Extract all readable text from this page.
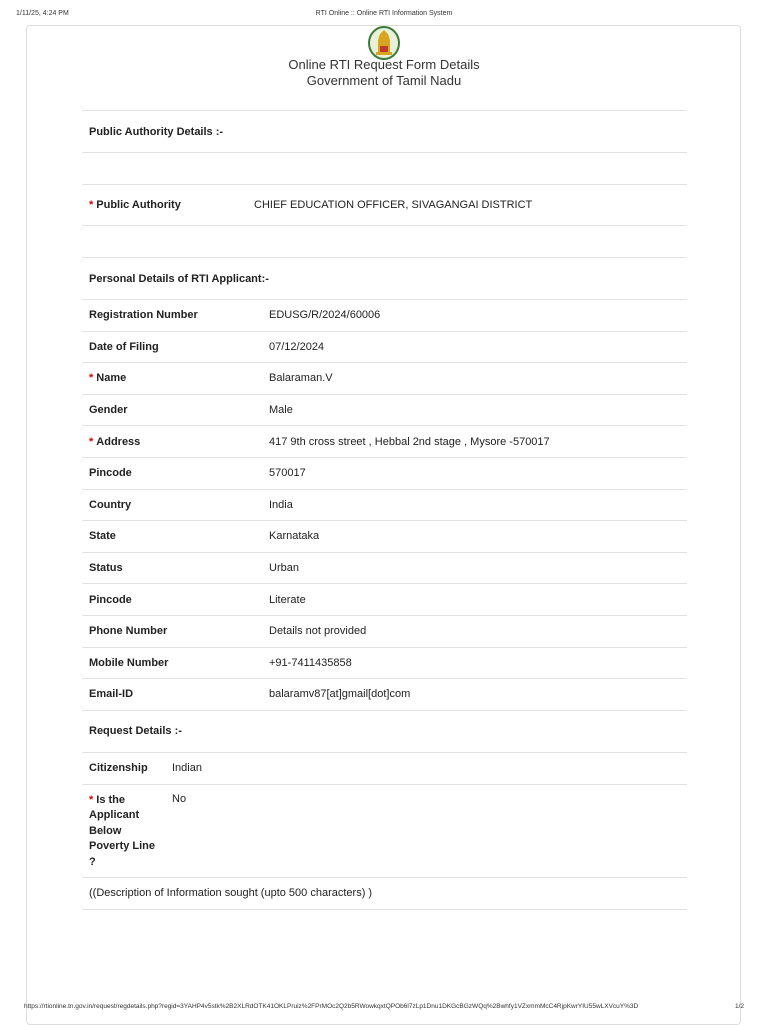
1/11/25, 4:24 PM	RTI Online :: Online RTI Information System
Online RTI Request Form Details
Government of Tamil Nadu
Public Authority Details :-
* Public Authority	CHIEF EDUCATION OFFICER, SIVAGANGAI DISTRICT
Personal Details of RTI Applicant:-
Registration Number	EDUSG/R/2024/60006
Date of Filing	07/12/2024
* Name	Balaraman.V
Gender	Male
* Address	417 9th cross street , Hebbal 2nd stage , Mysore -570017
Pincode	570017
Country	India
State	Karnataka
Status	Urban
Pincode	Literate
Phone Number	Details not provided
Mobile Number	+91-7411435858
Email-ID	balaramv87[at]gmail[dot]com
Request Details :-
Citizenship	Indian
* Is the Applicant Below Poverty Line ?
No
((Description of Information sought (upto 500 characters) )
https://rtionline.tn.gov.in/request/regdetails.php?regid=3YAHP4v5stk%2B2XLRdOTK41OKLPruiz%2FPrMOc2Q2b5RWowkqxtQPOb6l7zLp1Dnu1DKGcBGzWQq%2Bwhfy1VZxmmMcC4RjpKwrYIU55wLXVcuY%3D	1/2
